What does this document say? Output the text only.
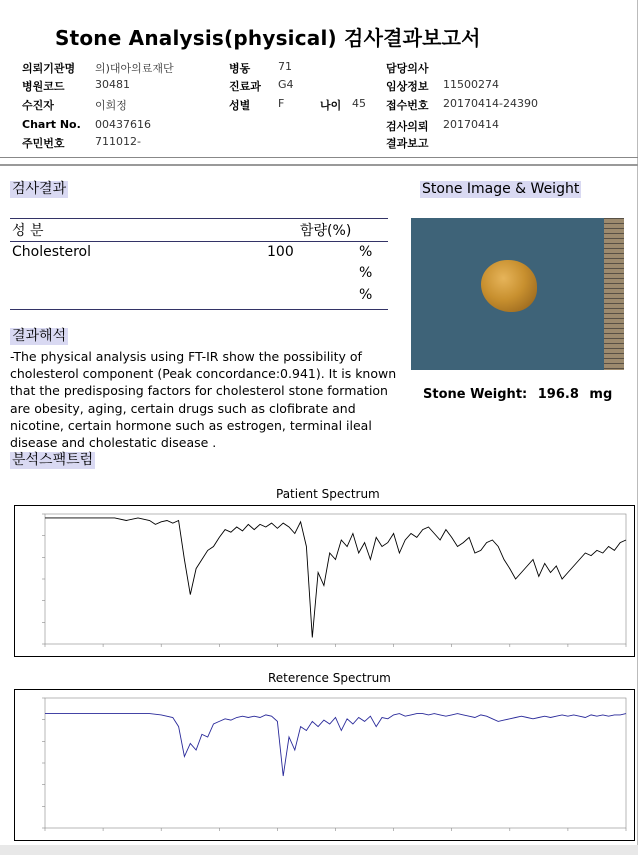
Stone Analysis(physical) 검사결과보고서
의뢰기관명 의)대아의료재단
병원코드	30481
수진자	이희정
Chart No. 00437616
주민번호	711012-
병동	71
진료과 G4
성별	F	나이 45
담당의사
임상정보 11500274
접수번호 20170414-24390
검사의뢰 20170414
결과보고
검사결과
성 분	함량(%)
Cholesterol	100	%
%
%
Stone Image & Weight
Stone Weight: 196.8 mg
결과해석
-The physical analysis using FT-IR show the possibility of cholesterol component (Peak concordance:0.941). It is known that the predisposing factors for cholesterol stone formation are obesity, aging, certain drugs such as clofibrate and nicotine, certain hormone such as estrogen, terminal ileal disease and cholestatic disease .
분석스팩트럼
Patient Spectrum
Reterence Spectrum
